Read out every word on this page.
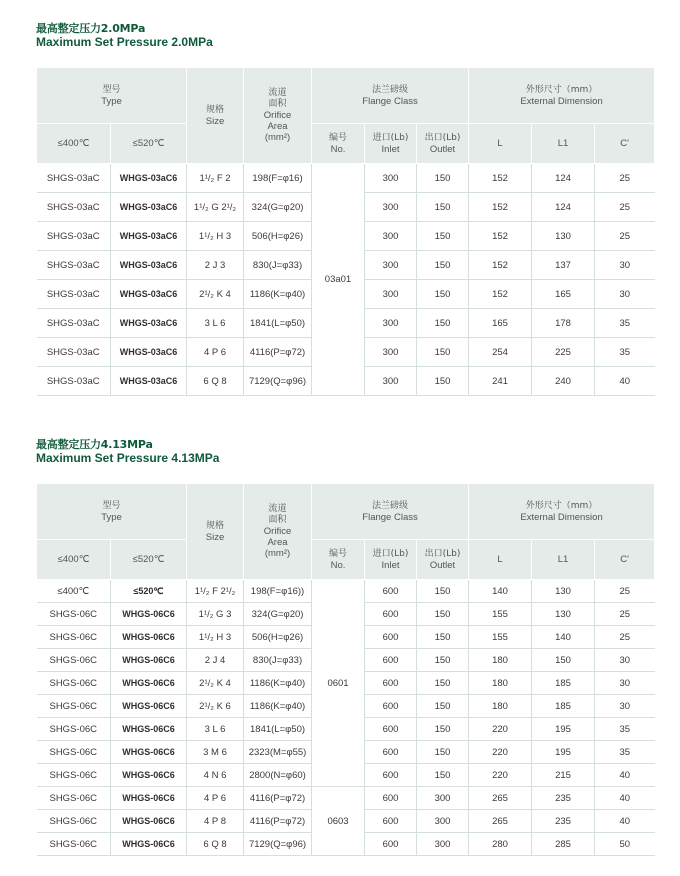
最高整定压力2.0MPa
Maximum Set Pressure 2.0MPa
型号
Type		规格
Size	流道
面积
Orifice
Area
(mm²)	法兰磅级
Flange Class			外形尺寸（mm）
External Dimension		

≤400℃	≤520℃			编号
No.	进口(Lb)
Inlet	出口(Lb)
Outlet	L	L1	C′
SHGS-03aC	WHGS-03aC6	1¹/₂ F 2	198(F=φ16)	03a01	300	150	152	124	25
SHGS-03aC	WHGS-03aC6	1¹/₂ G 2¹/₂	324(G=φ20)		300	150	152	124	25
SHGS-03aC	WHGS-03aC6	1¹/₂ H 3	506(H=φ26)		300	150	152	130	25
SHGS-03aC	WHGS-03aC6	2 J 3	830(J=φ33)		300	150	152	137	30
SHGS-03aC	WHGS-03aC6	2¹/₂ K 4	1186(K=φ40)		300	150	152	165	30
SHGS-03aC	WHGS-03aC6	3 L 6	1841(L=φ50)		300	150	165	178	35
SHGS-03aC	WHGS-03aC6	4 P 6	4116(P=φ72)		300	150	254	225	35
SHGS-03aC	WHGS-03aC6	6 Q 8	7129(Q=φ96)		300	150	241	240	40
最高整定压力4.13MPa
Maximum Set Pressure 4.13MPa
型号
Type		规格
Size	流道
面积
Orifice
Area
(mm²)	法兰磅级
Flange Class			外形尺寸（mm）
External Dimension		

≤400℃	≤520℃			编号
No.	进口(Lb)
Inlet	出口(Lb)
Outlet	L	L1	C′
≤400℃	≤520℃	1¹/₂ F 2¹/₂	198(F=φ16))	0601	600	150	140	130	25
SHGS-06C	WHGS-06C6	1¹/₂ G 3	324(G=φ20)		600	150	155	130	25
SHGS-06C	WHGS-06C6	1¹/₂ H 3	506(H=φ26)		600	150	155	140	25
SHGS-06C	WHGS-06C6	2 J 4	830(J=φ33)		600	150	180	150	30
SHGS-06C	WHGS-06C6	2¹/₂ K 4	1186(K=φ40)		600	150	180	185	30
SHGS-06C	WHGS-06C6	2¹/₂ K 6	1186(K=φ40)		600	150	180	185	30
SHGS-06C	WHGS-06C6	3 L 6	1841(L=φ50)		600	150	220	195	35
SHGS-06C	WHGS-06C6	3 M 6	2323(M=φ55)		600	150	220	195	35
SHGS-06C	WHGS-06C6	4 N 6	2800(N=φ60)		600	150	220	215	40
SHGS-06C	WHGS-06C6	4 P 6	4116(P=φ72)	0603	600	300	265	235	40
SHGS-06C	WHGS-06C6	4 P 8	4116(P=φ72)		600	300	265	235	40
SHGS-06C	WHGS-06C6	6 Q 8	7129(Q=φ96)		600	300	280	285	50
